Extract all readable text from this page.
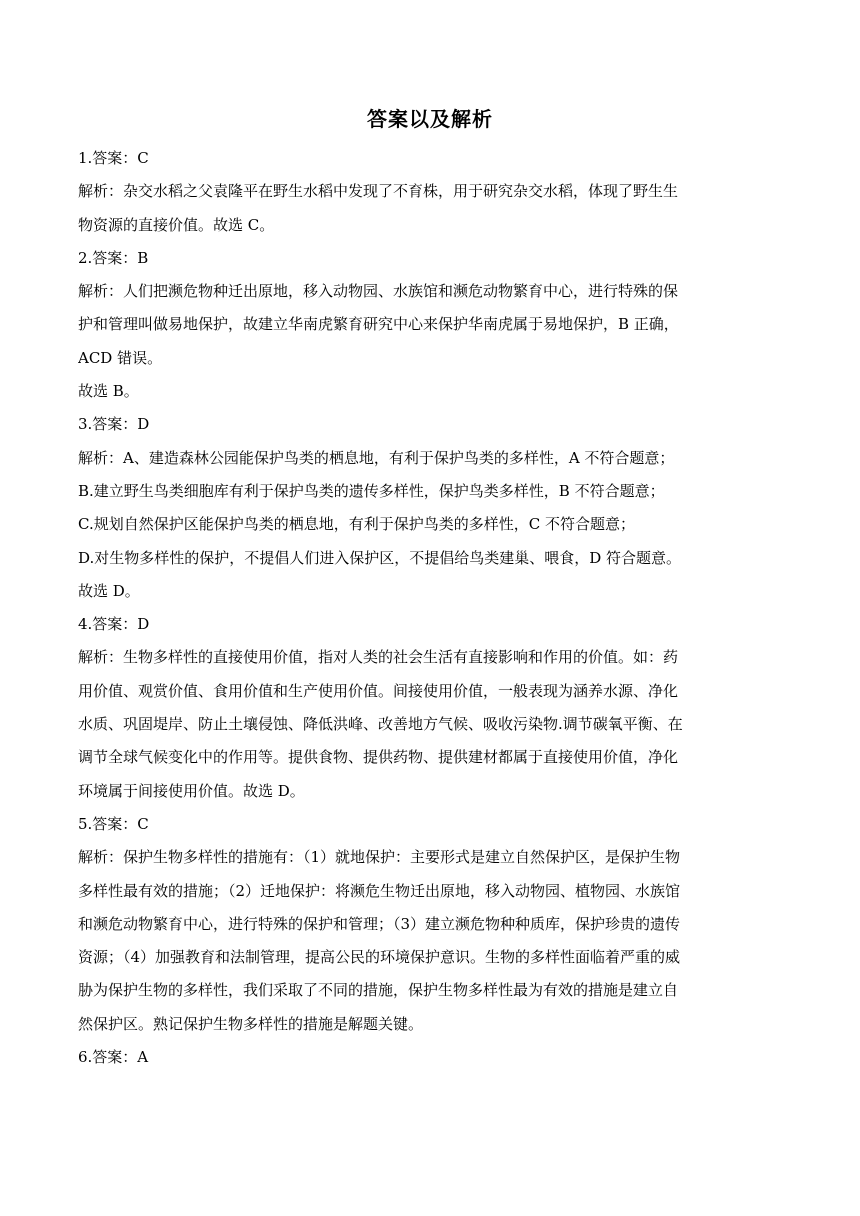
答案以及解析

1.答案：C

解析：杂交水稻之父袁隆平在野生水稻中发现了不育株，用于研究杂交水稻，体现了野生生

物资源的直接价值。故选 C。

2.答案：B

解析：人们把濒危物种迁出原地，移入动物园、水族馆和濒危动物繁育中心，进行特殊的保

护和管理叫做易地保护，故建立华南虎繁育研究中心来保护华南虎属于易地保护，B 正确，

ACD 错误。

故选 B。

3.答案：D

解析：A、建造森林公园能保护鸟类的栖息地，有利于保护鸟类的多样性，A 不符合题意；

B.建立野生鸟类细胞库有利于保护鸟类的遗传多样性，保护鸟类多样性，B 不符合题意；

C.规划自然保护区能保护鸟类的栖息地，有利于保护鸟类的多样性，C 不符合题意；

D.对生物多样性的保护，不提倡人们进入保护区，不提倡给鸟类建巢、喂食，D 符合题意。

故选 D。

4.答案：D

解析：生物多样性的直接使用价值，指对人类的社会生活有直接影响和作用的价值。如：药

用价值、观赏价值、食用价值和生产使用价值。间接使用价值，一般表现为涵养水源、净化

水质、巩固堤岸、防止土壤侵蚀、降低洪峰、改善地方气候、吸收污染物.调节碳氧平衡、在

调节全球气候变化中的作用等。提供食物、提供药物、提供建材都属于直接使用价值，净化

环境属于间接使用价值。故选 D。

5.答案：C

解析：保护生物多样性的措施有：（1）就地保护：主要形式是建立自然保护区，是保护生物

多样性最有效的措施；（2）迁地保护：将濒危生物迁出原地，移入动物园、植物园、水族馆

和濒危动物繁育中心，进行特殊的保护和管理；（3）建立濒危物种种质库，保护珍贵的遗传

资源；（4）加强教育和法制管理，提高公民的环境保护意识。生物的多样性面临着严重的威

胁为保护生物的多样性，我们采取了不同的措施，保护生物多样性最为有效的措施是建立自

然保护区。熟记保护生物多样性的措施是解题关键。

6.答案：A
